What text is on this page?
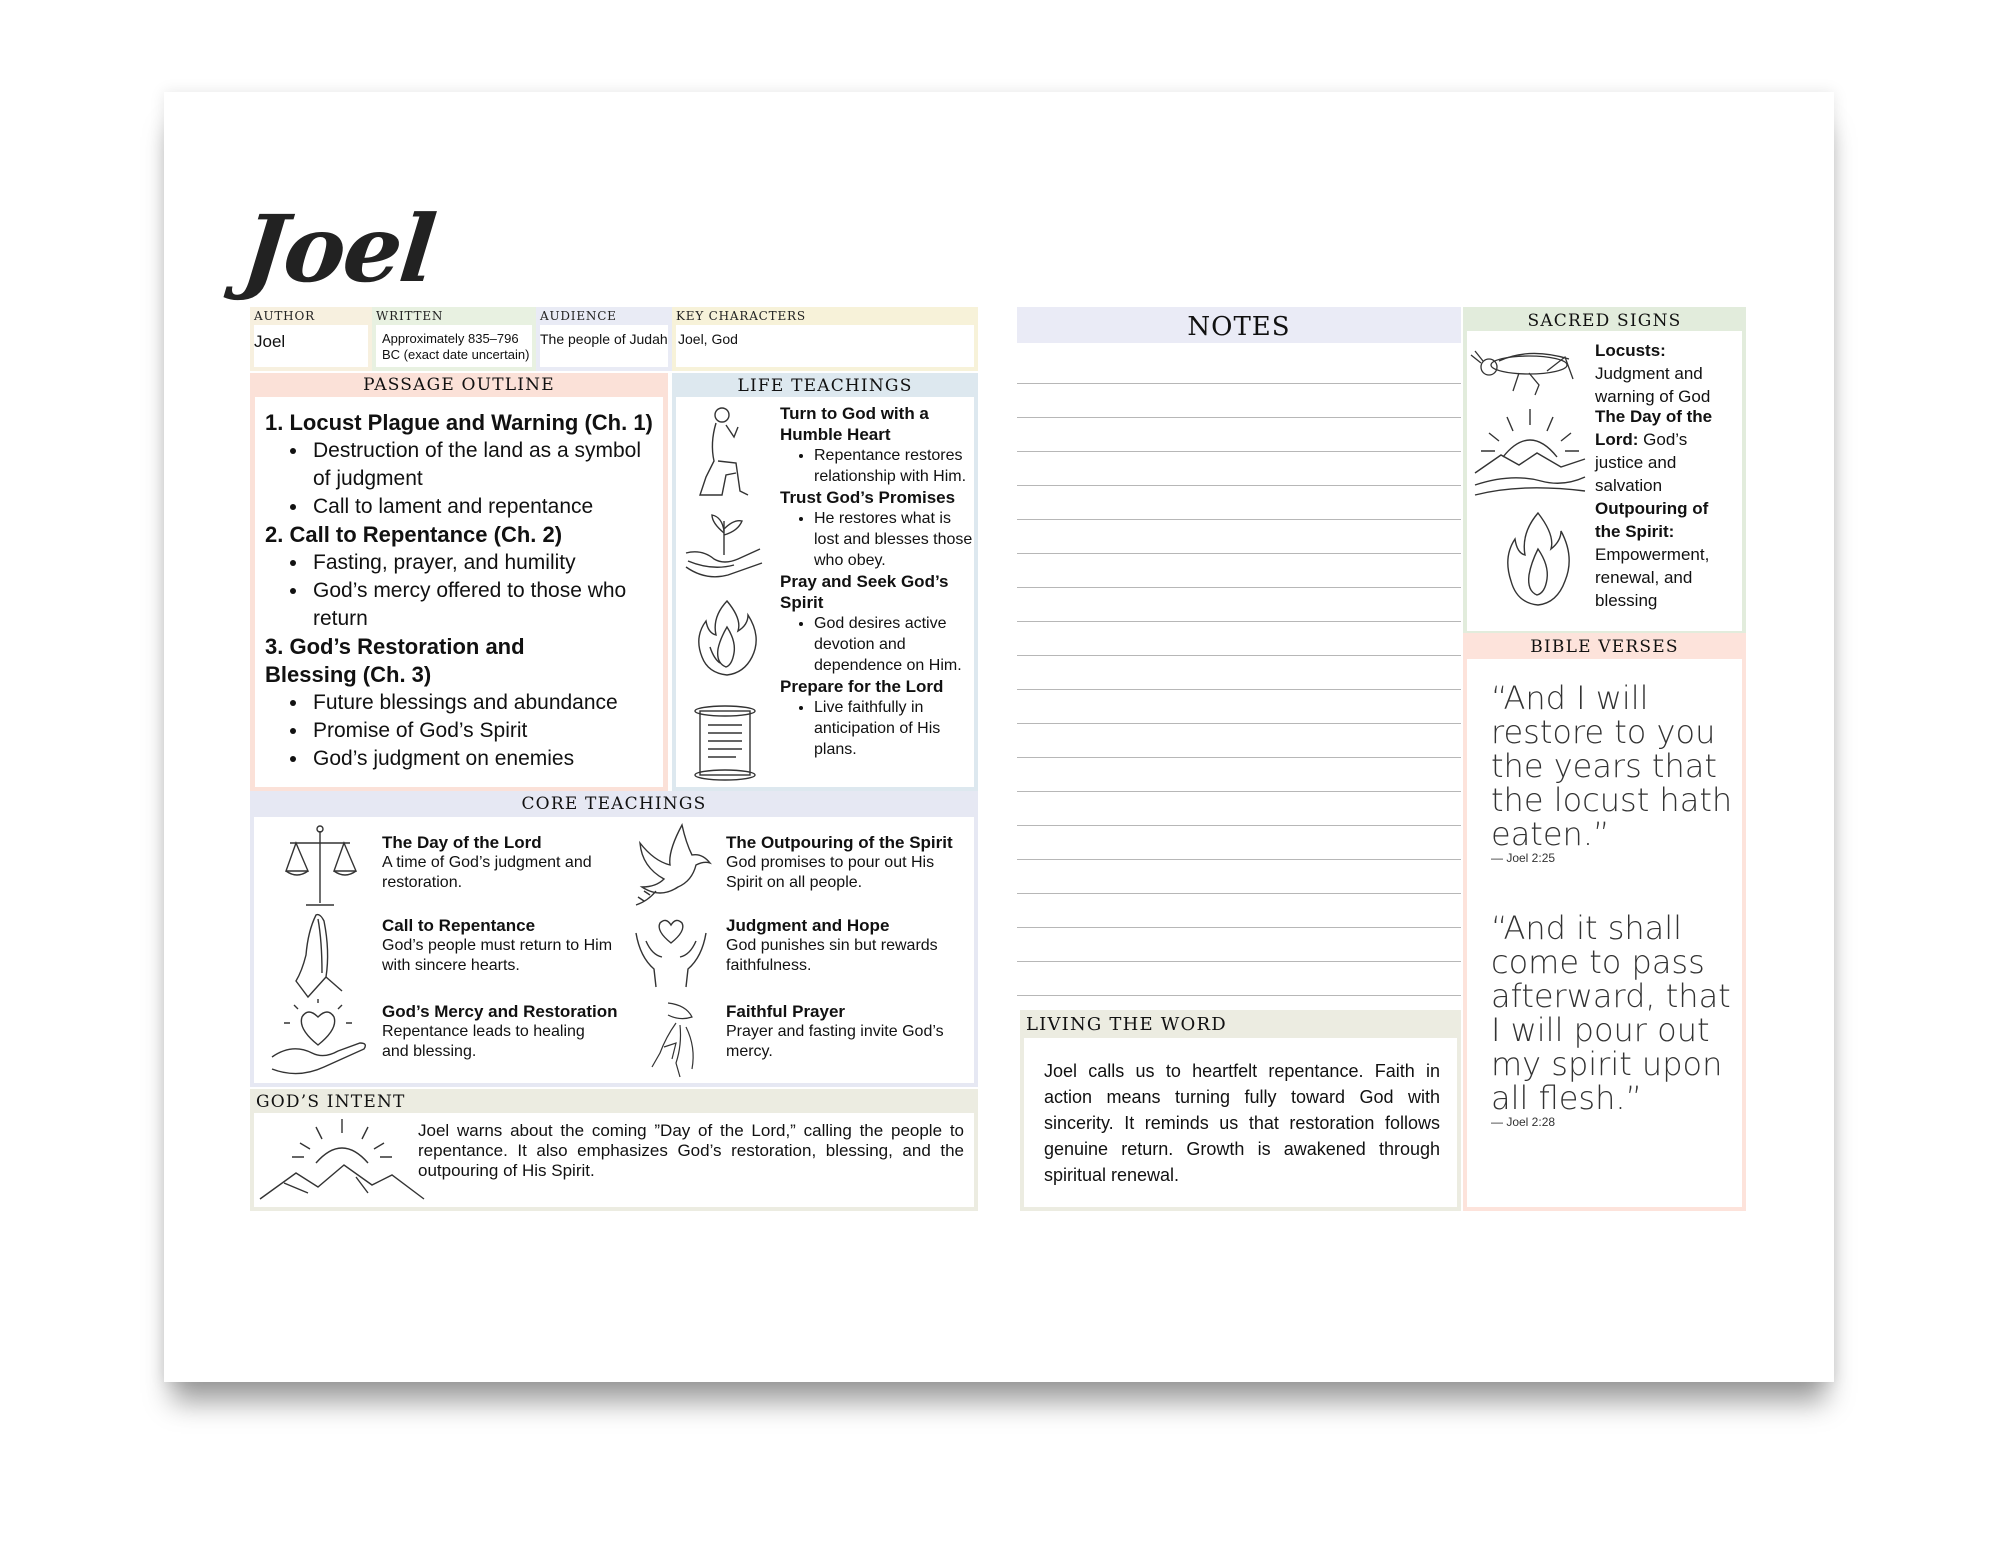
Joel
AUTHOR
Joel
WRITTEN
Approximately 835–796
BC (exact date uncertain)
AUDIENCE
The people of Judah
KEY CHARACTERS
Joel, God
PASSAGE OUTLINE
1. Locust Plague and Warning (Ch. 1)
• Destruction of the land as a symbol of judgment
• Call to lament and repentance
2. Call to Repentance (Ch. 2)
• Fasting, prayer, and humility
• God’s mercy offered to those who return
3. God’s Restoration and Blessing (Ch. 3)
• Future blessings and abundance
• Promise of God’s Spirit
• God’s judgment on enemies
LIFE TEACHINGS
Turn to God with a Humble Heart
• Repentance restores relationship with Him.
Trust God’s Promises
• He restores what is lost and blesses those who obey.
Pray and Seek God’s Spirit
• God desires active devotion and dependence on Him.
Prepare for the Lord
• Live faithfully in anticipation of His plans.
CORE TEACHINGS
The Day of the Lord
A time of God’s judgment and restoration.
Call to Repentance
God’s people must return to Him with sincere hearts.
God’s Mercy and Restoration
Repentance leads to healing and blessing.
The Outpouring of the Spirit
God promises to pour out His Spirit on all people.
Judgment and Hope
God punishes sin but rewards faithfulness.
Faithful Prayer
Prayer and fasting invite God’s mercy.
GOD’S INTENT
Joel warns about the coming ”Day of the Lord,” calling the people to repentance. It also emphasizes God’s restoration, blessing, and the outpouring of His Spirit.
NOTES
LIVING THE WORD
Joel calls us to heartfelt repentance. Faith in action means turning fully toward God with sincerity. It reminds us that restoration follows genuine return. Growth is awakened through spiritual renewal.
SACRED SIGNS
Locusts: Judgment and warning of God
The Day of the Lord: God’s justice and salvation
Outpouring of the Spirit: Empowerment, renewal, and blessing
BIBLE VERSES
“And I will restore to you the years that the locust hath eaten.”
— Joel 2:25
“And it shall come to pass afterward, that I will pour out my spirit upon all flesh.”
— Joel 2:28
